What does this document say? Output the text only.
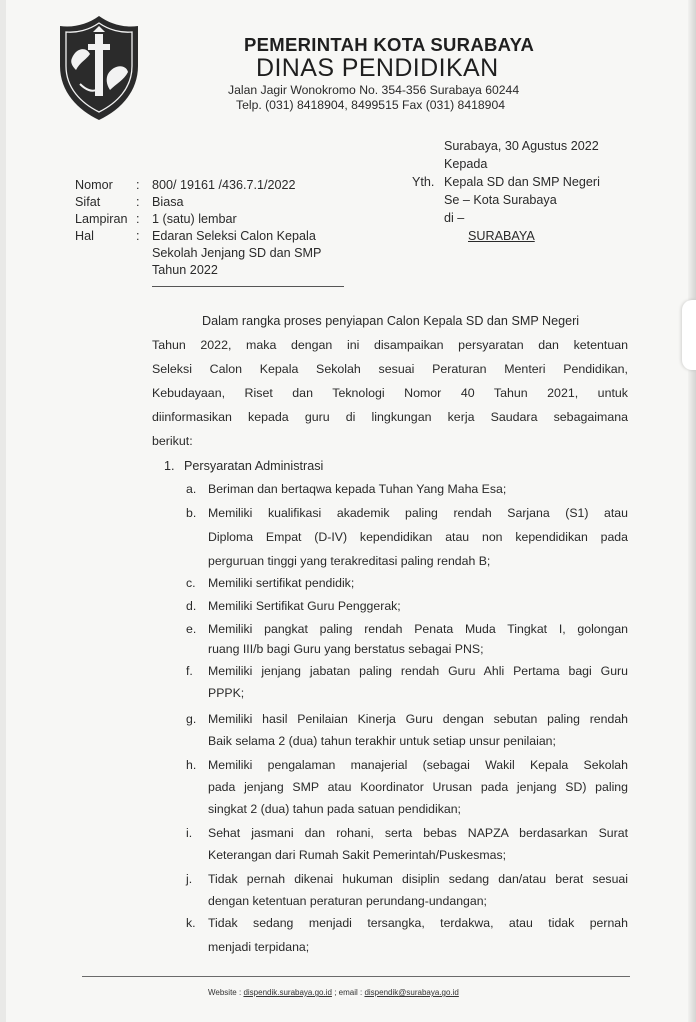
PEMERINTAH KOTA SURABAYA
DINAS PENDIDIKAN
Jalan Jagir Wonokromo No. 354-356 Surabaya 60244
Telp. (031) 8418904, 8499515 Fax (031) 8418904
Surabaya, 30 Agustus 2022
Kepada
Yth. Kepala SD dan SMP Negeri
Se – Kota Surabaya
di –
SURABAYA
Nomor : 800/ 19161 /436.7.1/2022
Sifat	: Biasa
Lampiran : 1 (satu) lembar
Hal	: Edaran Seleksi Calon Kepala
Sekolah Jenjang SD dan SMP
Tahun 2022
Dalam rangka proses penyiapan Calon Kepala SD dan SMP Negeri
Tahun 2022, maka dengan ini disampaikan persyaratan dan ketentuan
Seleksi Calon Kepala Sekolah sesuai Peraturan Menteri Pendidikan,
Kebudayaan, Riset dan Teknologi Nomor 40 Tahun 2021, untuk
diinformasikan kepada guru di lingkungan kerja Saudara sebagaimana
berikut:
1. Persyaratan Administrasi
a. Beriman dan bertaqwa kepada Tuhan Yang Maha Esa;
b. Memiliki kualifikasi akademik paling rendah Sarjana (S1) atau
Diploma Empat (D-IV) kependidikan atau non kependidikan pada
perguruan tinggi yang terakreditasi paling rendah B;
c. Memiliki sertifikat pendidik;
d. Memiliki Sertifikat Guru Penggerak;
e. Memiliki pangkat paling rendah Penata Muda Tingkat I, golongan
ruang III/b bagi Guru yang berstatus sebagai PNS;
f. Memiliki jenjang jabatan paling rendah Guru Ahli Pertama bagi Guru
PPPK;
g. Memiliki hasil Penilaian Kinerja Guru dengan sebutan paling rendah
Baik selama 2 (dua) tahun terakhir untuk setiap unsur penilaian;
h. Memiliki pengalaman manajerial (sebagai Wakil Kepala Sekolah
pada jenjang SMP atau Koordinator Urusan pada jenjang SD) paling
singkat 2 (dua) tahun pada satuan pendidikan;
i. Sehat jasmani dan rohani, serta bebas NAPZA berdasarkan Surat
Keterangan dari Rumah Sakit Pemerintah/Puskesmas;
j. Tidak pernah dikenai hukuman disiplin sedang dan/atau berat sesuai
dengan ketentuan peraturan perundang-undangan;
k. Tidak sedang menjadi tersangka, terdakwa, atau tidak pernah
menjadi terpidana;
Website : dispendik.surabaya.go.id ; email : dispendik@surabaya.go.id
